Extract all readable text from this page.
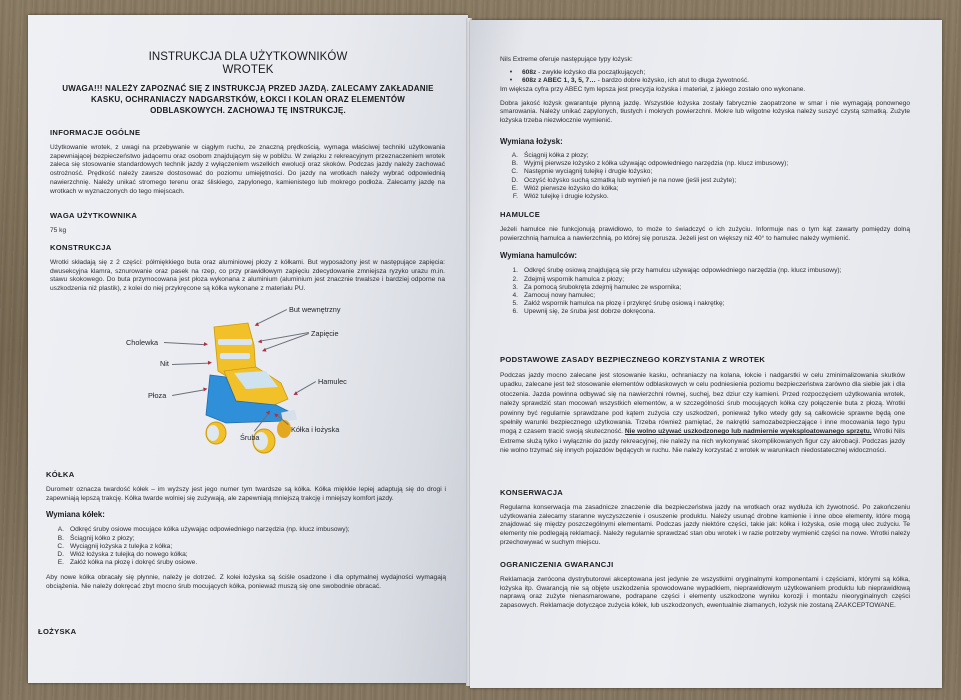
INSTRUKCJA DLA UŻYTKOWNIKÓW
WROTEK
UWAGA!!! NALEŻY ZAPOZNAĆ SIĘ Z INSTRUKCJĄ PRZED JAZDĄ. ZALECAMY ZAKŁADANIE
KASKU, OCHRANIACZY NADGARSTKÓW, ŁOKCI I KOLAN ORAZ ELEMENTÓW
ODBLASKOWYCH. ZACHOWAJ TĘ INSTRUKCJĘ.
INFORMACJE OGÓLNE

Użytkowanie wrotek, z uwagi na przebywanie w ciągłym ruchu, ze znaczną prędkością, wymaga właściwej techniki użytkowania zapewniającej bezpieczeństwo jadącemu oraz osobom znajdującym się w pobliżu. W związku z rekreacyjnym przeznaczeniem wrotek zaleca się stosowanie standardowych technik jazdy z wyłączeniem wszelkich ewolucji oraz skoków. Podczas jazdy należy zachować ostrożność. Prędkość należy zawsze dostosować do poziomu umiejętności. Do jazdy na wrotkach należy wybrać odpowiednią nawierzchnię. Należy unikać stromego terenu oraz śliskiego, zapylonego, kamienistego lub mokrego podłoża. Zalecamy jazdę na wrotkach w wyznaczonych do tego miejscach.

WAGA UŻYTKOWNIKA

75 kg

KONSTRUKCJA

Wrotki składają się z 2 części: półmiękkiego buta oraz aluminiowej płozy z kółkami. But wyposażony jest w następujące zapięcia: dwusekcyjna klamra, sznurowanie oraz pasek na rzep, co przy prawidłowym zapięciu zdecydowanie zmniejsza ryzyko urazu m.in. stawu skokowego. Do buta przymocowana jest płoza wykonana z aluminium (aluminium jest znacznie trwalsze i bardziej odporne na uszkodzenia niż plastik), z kolei do niej przykręcone są kółka wykonane z materiału PU.

But wewnętrzny
Zapięcie
Cholewka
Nit
Hamulec
Płoza
Śruba
Kółka i łożyska
KÓŁKA

Durometr oznacza twardość kółek – im wyższy jest jego numer tym twardsze są kółka. Kółka miękkie lepiej adaptują się do drogi i zapewniają lepszą trakcję. Kółka twarde wolniej się zużywają, ale zapewniają mniejszą trakcję i mniejszy komfort jazdy.

Wymiana kółek:
A. Odkręć śruby osiowe mocujące kółka używając odpowiedniego narzędzia (np. klucz imbusowy);
B. Ściągnij kółko z płozy;
C. Wyciągnij łożyska z tulejka z kółka;
D. Włóż łożyska z tulejką do nowego kółka;
E. Załóż kółka na płozę i dokręć śruby osiowe.

Aby nowe kółka obracały się płynnie, należy je dotrzeć. Z kolei łożyska są ściśle osadzone i dla optymalnej wydajności wymagają obciążenia. Nie należy dokręcać zbyt mocno śrub mocujących kółka, ponieważ muszą się one swobodnie obracać.

ŁOŻYSKA

Nils Extreme oferuje następujące typy łożysk:

•	608z - zwykłe łożysko dla początkujących;
•	608z z ABEC 1, 3, 5, 7… - bardzo dobre łożysko, ich atut to długa żywotność.

Im większa cyfra przy ABEC tym lepsza jest precyzja łożyska i materiał, z jakiego zostało ono wykonane.

Dobra jakość łożysk gwarantuje płynną jazdę. Wszystkie łożyska zostały fabrycznie zaopatrzone w smar i nie wymagają ponownego smarowania. Należy unikać zapylonych, tłustych i mokrych powierzchni. Mokre lub wilgotne łożyska należy suszyć czystą szmatką. Zużyte łożyska trzeba niezwłocznie wymienić.

Wymiana łożysk:
A. Ściągnij kółka z płozy;
B. Wyjmij pierwsze łożysko z kółka używając odpowiedniego narzędzia (np. klucz imbusowy);
C. Następnie wyciągnij tulejkę i drugie łożysko;
D. Oczyść łożysko suchą szmatką lub wymień je na nowe (jeśli jest zużyte);
E. Włóż pierwsze łożysko do kółka;
F. Włóż tulejkę i drugie łożysko.
HAMULCE

Jeżeli hamulce nie funkcjonują prawidłowo, to może to świadczyć o ich zużyciu. Informuje nas o tym kąt zawarty pomiędzy dolną powierzchnią hamulca a nawierzchnią, po której się porusza. Jeżeli jest on większy niż 40° to hamulec należy wymienić.

Wymiana hamulców:
1. Odkręć śrubę osiową znajdującą się przy hamulcu używając odpowiedniego narzędzia (np. klucz imbusowy);
2. Zdejmij wspornik hamulca z płozy;
3. Za pomocą śrubokręta zdejmij hamulec ze wspornika;
4. Zamocuj nowy hamulec;
5. Załóż wspornik hamulca na płozę i przykręć śrubę osiową i nakrętkę;
6. Upewnij się, że śruba jest dobrze dokręcona.
PODSTAWOWE ZASADY BEZPIECZNEGO KORZYSTANIA Z WROTEK

Podczas jazdy mocno zalecane jest stosowanie kasku, ochraniaczy na kolana, łokcie i nadgarstki w celu zminimalizowania skutków upadku, zalecane jest też stosowanie elementów odblaskowych w celu podniesienia poziomu bezpieczeństwa zarówno dla siebie jak i dla otoczenia. Jazda powinna odbywać się na nawierzchni równej, suchej, bez dziur czy kamieni. Przed rozpoczęciem użytkowania wrotek, należy sprawdzić stan mocowań wszystkich elementów, a w szczególności śrub mocujących kółka czy połączenie buta z płozą. Wrotki powinny być regularnie sprawdzane pod kątem zużycia czy uszkodzeń, ponieważ tylko wtedy gdy są całkowicie sprawne będą one spełniły warunki bezpiecznego użytkowania. Trzeba również pamiętać, że nakrętki samozabezpieczające i inne mocowania tego typu mogą z czasem tracić swoją skuteczność. Nie wolno używać uszkodzonego lub nadmiernie wyeksploatowanego sprzętu. Wrotki Nils Extreme służą tylko i wyłącznie do jazdy rekreacyjnej, nie należy na nich wykonywać skomplikowanych figur czy akrobacji. Podczas jazdy nie wolno trzymać się innych pojazdów będących w ruchu. Nie należy korzystać z wrotek w warunkach niedostatecznej widoczności.

KONSERWACJA

Regularna konserwacja ma zasadnicze znaczenie dla bezpieczeństwa jazdy na wrotkach oraz wydłuża ich żywotność. Po zakończeniu użytkowania zalecamy staranne wyczyszczenie i osuszenie produktu. Należy usunąć drobne kamienie i inne obce elementy, które mogą znajdować się między poszczególnymi elementami. Podczas jazdy niektóre części, takie jak: kółka i łożyska, osie mogą ulec zużyciu. Te elementy nie podlegają reklamacji. Należy regularnie sprawdzać stan obu wrotek i w razie potrzeby wymienić części na nowe. Wrotki należy przechowywać w suchym miejscu.

OGRANICZENIA GWARANCJI

Reklamacja zwrócona dystrybutorowi akceptowana jest jedynie ze wszystkimi oryginalnymi komponentami i częściami, którymi są kółka, łożyska itp. Gwarancją nie są objęte uszkodzenia spowodowane wypadkiem, nieprawidłowym użytkowaniem produktu lub nieprawidłową naprawą oraz zużyte nienasmarowane, podrapane części i elementy uszkodzone wyniku korozji i montażu nieoryginalnych części zapasowych. Reklamacje dotyczące zużycia kółek, lub uszkodzonych, ewentualnie złamanych, łożysk nie zostaną ZAAKCEPTOWANE.
